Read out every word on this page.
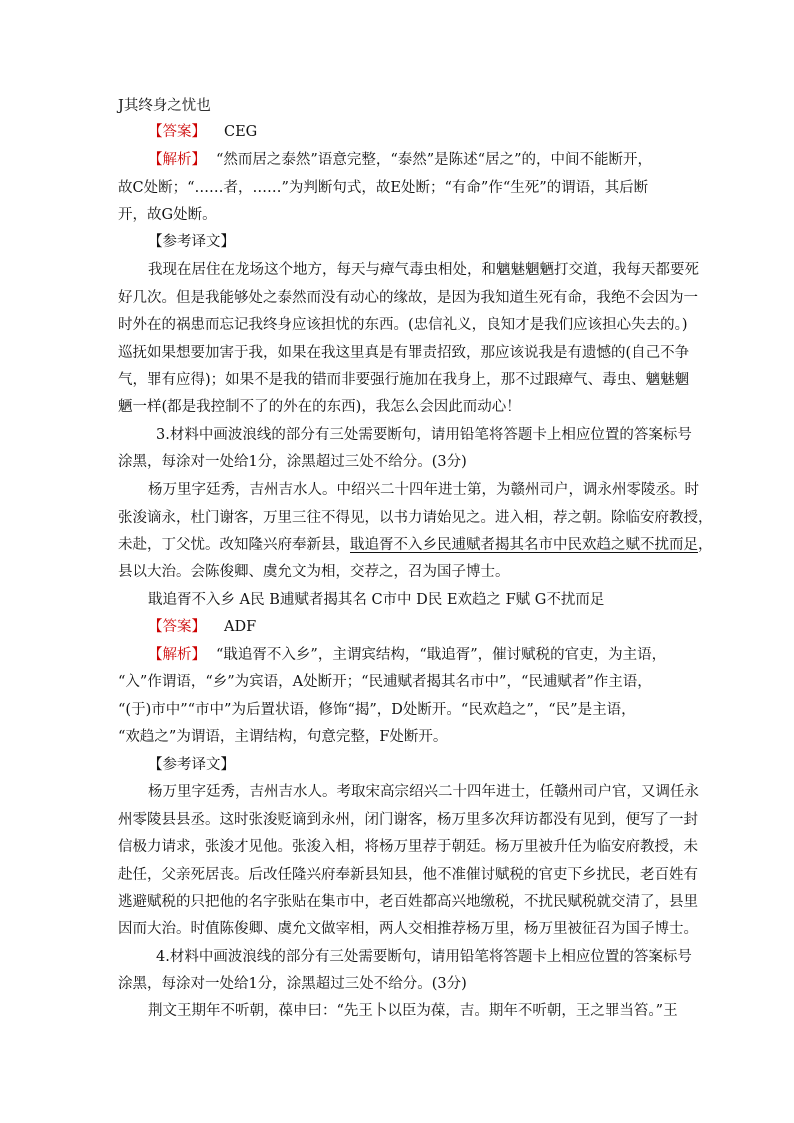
J其终身之忧也
【答案】 CEG
【解析】 “然而居之泰然”语意完整，“泰然”是陈述“居之”的，中间不能断开，
故C处断；“……者，……”为判断句式，故E处断；“有命”作“生死”的谓语，其后断
开，故G处断。
【参考译文】
我现在居住在龙场这个地方，每天与瘴气毒虫相处，和魑魅魍魉打交道，我每天都要死
好几次。但是我能够处之泰然而没有动心的缘故，是因为我知道生死有命，我绝不会因为一
时外在的祸患而忘记我终身应该担忧的东西。(忠信礼义，良知才是我们应该担心失去的。)
巡抚如果想要加害于我，如果在我这里真是有罪责招致，那应该说我是有遗憾的(自己不争
气，罪有应得)；如果不是我的错而非要强行施加在我身上，那不过跟瘴气、毒虫、魑魅魍
魉一样(都是我控制不了的外在的东西)，我怎么会因此而动心！
3.材料中画波浪线的部分有三处需要断句，请用铅笔将答题卡上相应位置的答案标号
涂黑，每涂对一处给1分，涂黑超过三处不给分。(3分)
杨万里字廷秀，吉州吉水人。中绍兴二十四年进士第，为赣州司户，调永州零陵丞。时
张浚谪永，杜门谢客，万里三往不得见，以书力请始见之。进入相，荐之朝。除临安府教授，
未赴，丁父忧。改知隆兴府奉新县，戢追胥不入乡民逋赋者揭其名市中民欢趋之赋不扰而足，
县以大治。会陈俊卿、虞允文为相，交荐之，召为国子博士。
戢追胥不入乡 A民 B逋赋者揭其名 C市中 D民 E欢趋之 F赋 G不扰而足
【答案】 ADF
【解析】 “戢追胥不入乡”，主谓宾结构，“戢追胥”，催讨赋税的官吏，为主语，
“入”作谓语，“乡”为宾语，A处断开；“民逋赋者揭其名市中”，“民逋赋者”作主语，
“(于)市中”“市中”为后置状语，修饰“揭”，D处断开。“民欢趋之”，“民”是主语，
“欢趋之”为谓语，主谓结构，句意完整，F处断开。
【参考译文】
杨万里字廷秀，吉州吉水人。考取宋高宗绍兴二十四年进士，任赣州司户官，又调任永
州零陵县县丞。这时张浚贬谪到永州，闭门谢客，杨万里多次拜访都没有见到，便写了一封
信极力请求，张浚才见他。张浚入相，将杨万里荐于朝廷。杨万里被升任为临安府教授，未
赴任，父亲死居丧。后改任隆兴府奉新县知县，他不准催讨赋税的官吏下乡扰民，老百姓有
逃避赋税的只把他的名字张贴在集市中，老百姓都高兴地缴税，不扰民赋税就交清了，县里
因而大治。时值陈俊卿、虞允文做宰相，两人交相推荐杨万里，杨万里被征召为国子博士。
4.材料中画波浪线的部分有三处需要断句，请用铅笔将答题卡上相应位置的答案标号
涂黑，每涂对一处给1分，涂黑超过三处不给分。(3分)
荆文王期年不听朝，葆申曰：“先王卜以臣为葆，吉。期年不听朝，王之罪当笞。”王
